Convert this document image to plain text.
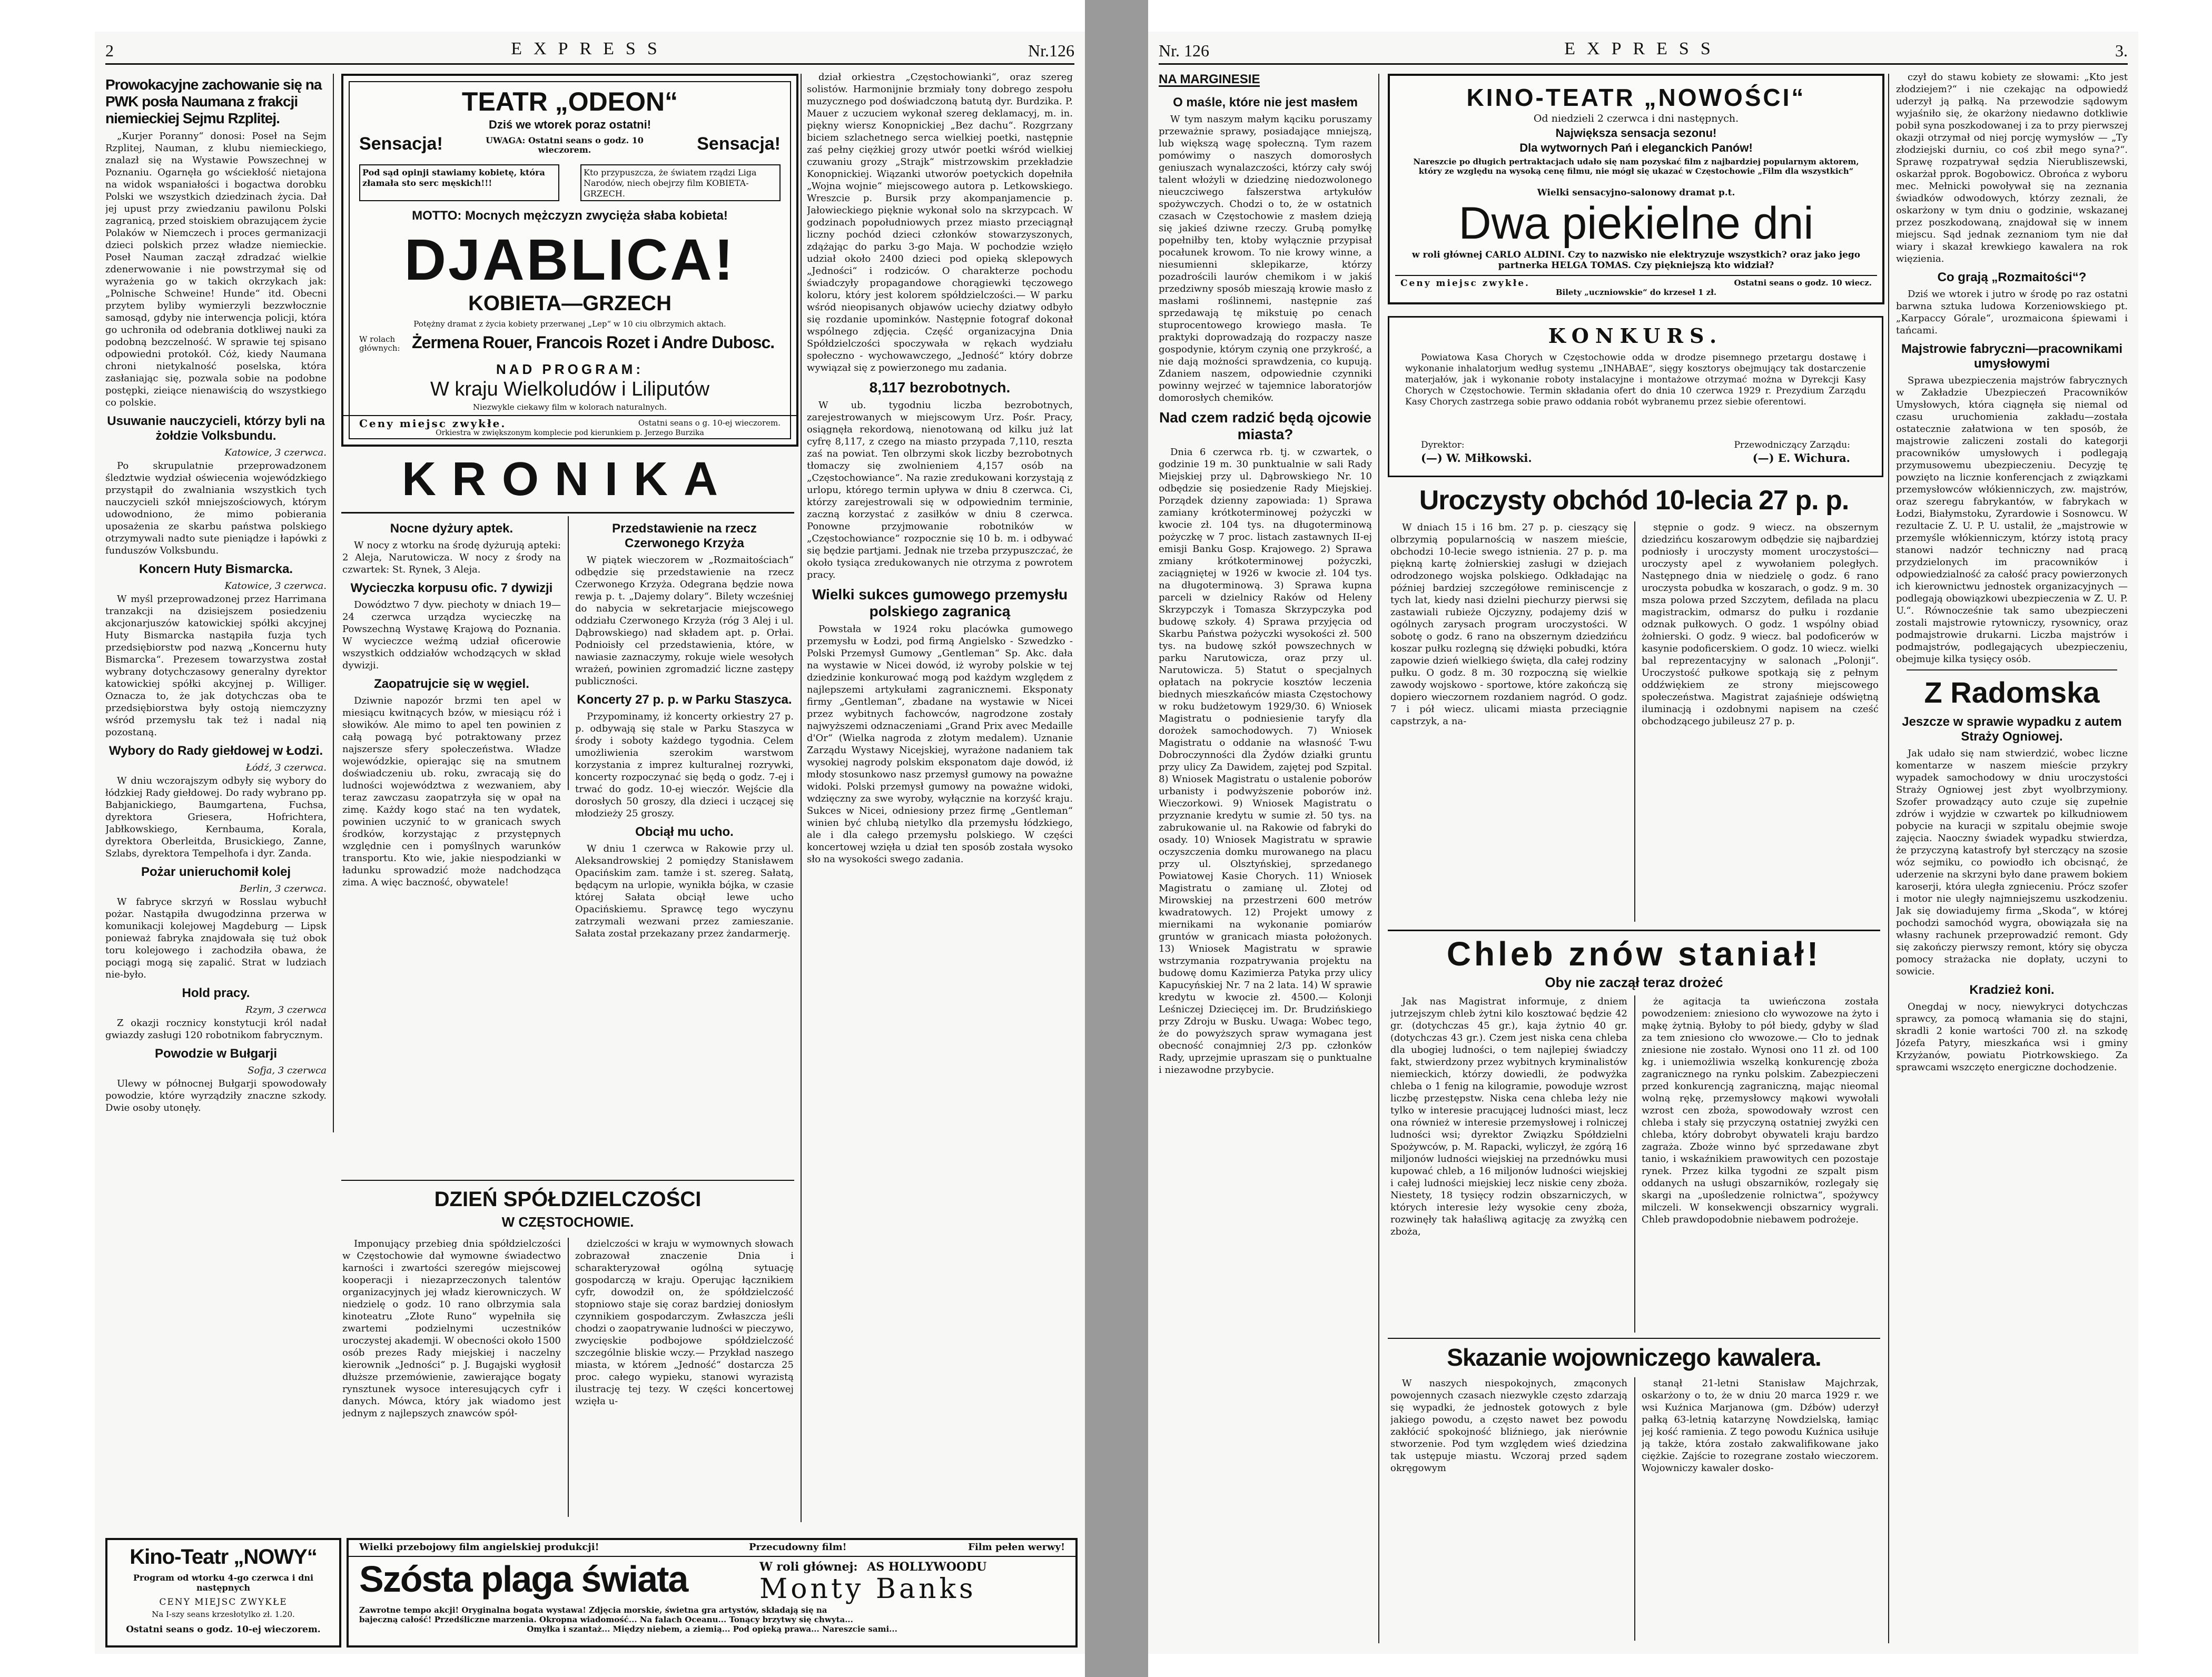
2	EXPRESS	Nr.126
Prowokacyjne zachowanie się na PWK posła Naumana z frakcji niemieckiej Sejmu Rzplitej.

„Kurjer Poranny“ donosi: Poseł na Sejm Rzplitej, Nauman, z klubu niemieckiego, znalazł się na Wystawie Powszechnej w Poznaniu. Ogarnęła go wściekłość nietajona na widok wspaniałości i bogactwa dorobku Polski we wszystkich dziedzinach życia. Dał jej upust przy zwiedzaniu pawilonu Polski zagranicą, przed stoiskiem obrazującem życie Polaków w Niemczech i proces germanizacji dzieci polskich przez władze niemieckie. Poseł Nauman zaczął zdradzać wielkie zdenerwowanie i nie powstrzymał się od wyrażenia go w takich okrzykach jak: „Polnische Schweine! Hunde“ itd. Obecni przytem byliby wymierzyli bezzwłocznie samosąd, gdyby nie interwencja policji, która go uchroniła od odebrania dotkliwej nauki za podobną bezczelność. W sprawie tej spisano odpowiedni protokół. Cóż, kiedy Naumana chroni nietykalność poselska, która zasłaniając się, pozwala sobie na podobne postępki, zieiące nienawiścią do wszystkiego co polskie.

Usuwanie nauczycieli, którzy byli na żołdzie Volksbundu.

Katowice, 3 czerwca.

Po skrupulatnie przeprowadzonem śledztwie wydział oświecenia wojewódzkiego przystąpił do zwalniania wszystkich tych nauczycieli szkół mniejszościowych, którym udowodniono, że mimo pobierania uposażenia ze skarbu państwa polskiego otrzymywali nadto sute pieniądze i łapówki z funduszów Volksbundu.

Koncern Huty Bismarcka.

Katowice, 3 czerwca.

W myśl przeprowadzonej przez Harrimana tranzakcji na dzisiejszem posiedzeniu akcjonarjuszów katowickiej spółki akcyjnej Huty Bismarcka nastąpiła fuzja tych przedsiębiorstw pod nazwą „Koncernu huty Bismarcka“. Prezesem towarzystwa został wybrany dotychczasowy generalny dyrektor katowickiej spółki akcyjnej p. Williger. Oznacza to, że jak dotychczas oba te przedsiębiorstwa były ostoją niemczyzny wśród przemysłu tak też i nadal nią pozostaną.

Wybory do Rady giełdowej w Łodzi.

Łódź, 3 czerwca.

W dniu wczorajszym odbyły się wybory do łódzkiej Rady giełdowej. Do rady wybrano pp. Babjanickiego, Baumgartena, Fuchsa, dyrektora Griesera, Hofrichtera, Jabłkowskiego, Kernbauma, Korala, dyrektora Oberleitda, Brusickiego, Zanne, Szlabs, dyrektora Tempelhofa i dyr. Zanda.

Pożar unieruchomił kolej

Berlin, 3 czerwca.

W fabryce skrzyń w Rosslau wybuchł pożar. Nastąpiła dwugodzinna przerwa w komunikacji kolejowej Magdeburg — Lipsk ponieważ fabryka znajdowała się tuż obok toru kolejowego i zachodziła obawa, że pociągi mogą się zapalić. Strat w ludziach nie-było.

Hold pracy.

Rzym, 3 czerwca

Z okazji rocznicy konstytucji król nadał gwiazdy zasługi 120 robotnikom fabrycznym.

Powodzie w Bułgarji

Sofja, 3 czerwca

Ulewy w północnej Bułgarji spowodowały powodzie, które wyrządziły znaczne szkody. Dwie osoby utonęły.

TEATR „ODEON“
Dziś we wtorek poraz ostatni!
Sensacja!	UWAGA: Ostatni seans o godz. 10 wieczorem.	Sensacja!
Pod sąd opinji stawiamy kobietę, która złamała sto serc męskich!!!
Kto przypuszcza, że światem rządzi Liga Narodów, niech obejrzy film KOBIETA-GRZECH.
MOTTO: Mocnych mężczyzn zwycięża słaba kobieta!
DJABLICA!
KOBIETA—GRZECH
Potężny dramat z życia kobiety przerwanej „Lep“ w 10 ciu olbrzymich aktach.
W rolach głównych: Żermena Rouer, Francois Rozet i Andre Dubosc.
NAD PROGRAM:
W kraju Wielkoludów i Liliputów
Niezwykle ciekawy film w kolorach naturalnych.
Ceny miejsc zwykłe.	Ostatni seans o g. 10-ej wieczorem.
Orkiestra w zwiększonym komplecie pod kierunkiem p. Jerzego Burzika
KRONIKA
Nocne dyżury aptek.

W nocy z wtorku na środę dyżurują apteki: 2 Aleja, Narutowicza. W nocy z środy na czwartek: St. Rynek, 3 Aleja.

Wycieczka korpusu ofic. 7 dywizji

Dowództwo 7 dyw. piechoty w dniach 19—24 czerwca urządza wycieczkę na Powszechną Wystawę Krajową do Poznania. W wycieczce weźmą udział oficerowie wszystkich oddziałów wchodzących w skład dywizji.

Zaopatrujcie się w węgiel.

Dziwnie napozór brzmi ten apel w miesiącu kwitnących bzów, w miesiącu róż i słowików. Ale mimo to apel ten powinien z całą powagą być potraktowany przez najszersze sfery społeczeństwa. Władze wojewódzkie, opierając się na smutnem doświadczeniu ub. roku, zwracają się do ludności województwa z wezwaniem, aby teraz zawczasu zaopatrzyła się w opał na zimę. Każdy kogo stać na ten wydatek, powinien uczynić to w granicach swych środków, korzystając z przystępnych względnie cen i pomyślnych warunków transportu. Kto wie, jakie niespodzianki w ładunku sprowadzić może nadchodząca zima. A więc baczność, obywatele!

Przedstawienie na rzecz Czerwonego Krzyża

W piątek wieczorem w „Rozmaitościach“ odbędzie się przedstawienie na rzecz Czerwonego Krzyża. Odegrana będzie nowa rewja p. t. „Dajemy dolary“. Bilety wcześniej do nabycia w sekretarjacie miejscowego oddziału Czerwonego Krzyża (róg 3 Alej i ul. Dąbrowskiego) nad składem apt. p. Orłai. Podnioisły cel przedstawienia, które, w nawiasie zaznaczymy, rokuje wiele wesołych wrażeń, powinien zgromadzić liczne zastępy publiczności.

Koncerty 27 p. p. w Parku Staszyca.

Przypominamy, iż koncerty orkiestry 27 p. p. odbywają się stale w Parku Staszyca w środy i soboty każdego tygodnia. Celem umożliwienia szerokim warstwom korzystania z imprez kulturalnej rozrywki, koncerty rozpoczynać się będą o godz. 7-ej i trwać do godz. 10-ej wieczór. Wejście dla dorosłych 50 groszy, dla dzieci i uczącej się młodzieży 25 groszy.

Obciął mu ucho.

W dniu 1 czerwca w Rakowie przy ul. Aleksandrowskiej 2 pomiędzy Stanisławem Opacińskim zam. tamże i st. szereg. Sałatą, będącym na urlopie, wynikła bójka, w czasie której Sałata obciął lewe ucho Opacińskiemu. Sprawcę tego wyczynu zatrzymali wezwani przez zamieszanie. Sałata został przekazany przez żandarmerję.

DZIEŃ SPÓŁDZIELCZOŚCI
W CZĘSTOCHOWIE.

Imponujący przebieg dnia spółdzielczości w Częstochowie dał wymowne świadectwo karności i zwartości szeregów miejscowej kooperacji i niezaprzeczonych talentów organizacyjnych jej władz kierowniczych. W niedzielę o godz. 10 rano olbrzymia sala kinoteatru „Złote Runo“ wypełniła się zwartemi podzielnymi uczestników uroczystej akademji. W obecności około 1500 osób prezes Rady miejskiej i naczelny kierownik „Jedności“ p. J. Bugajski wygłosił dłuższe przemówienie, zawierające bogaty rynsztunek wysoce interesujących cyfr i danych. Mówca, który jak wiadomo jest jednym z najlepszych znawców spół-

dzielczości w kraju w wymownych słowach zobrazował znaczenie Dnia i scharakteryzował ogólną sytuację gospodarczą w kraju. Operując łącznikiem cyfr, dowodził on, że spółdzielczość stopniowo staje się coraz bardziej doniosłym czynnikiem gospodarczym. Zwłaszcza jeśli chodzi o zaopatrywanie ludności w pieczywo, zwycięskie podbojowe spółdzielczość szczególnie bliskie wczy.— Przykład naszego miasta, w którem „Jedność“ dostarcza 25 proc. całego wypieku, stanowi wyrazistą ilustrację tej tezy. W części koncertowej wzięła u-

dział orkiestra „Częstochowianki“, oraz szereg solistów. Harmonijnie brzmiały tony dobrego zespołu muzycznego pod doświadczoną batutą dyr. Burdzika. P. Mauer z uczuciem wykonał szereg deklamacyj, m. in. piękny wiersz Konopnickiej „Bez dachu“. Rozgrzany biciem szlachetnego serca wielkiej poetki, następnie zaś pełny ciężkiej grozy utwór poetki wśród wielkiej czuwaniu grozy „Strajk“ mistrzowskim przekładzie Konopnickiej. Wiązanki utworów poetyckich dopełniła „Wojna wojnie“ miejscowego autora p. Letkowskiego. Wreszcie p. Bursik przy akompanjamencie p. Jałowieckiego pięknie wykonał solo na skrzypcach. W godzinach popołudniowych przez miasto przeciągnął liczny pochód dzieci członków stowarzyszonych, zdążając do parku 3-go Maja. W pochodzie wzięło udział około 2400 dzieci pod opieką sklepowych „Jedności“ i rodziców. O charakterze pochodu świadczyły propagandowe chorągiewki tęczowego koloru, który jest kolorem spółdzielczości.— W parku wśród nieopisanych objawów uciechy dziatwy odbyło się rozdanie upominków. Następnie fotograf dokonał wspólnego zdjęcia. Część organizacyjna Dnia Spółdzielczości spoczywała w rękach wydziału społeczno - wychowawczego, „Jedność“ który dobrze wywiązał się z powierzonego mu zadania.

8,117 bezrobotnych.

W ub. tygodniu liczba bezrobotnych, zarejestrowanych w miejscowym Urz. Pośr. Pracy, osiągnęła rekordową, nienotowaną od kilku już lat cyfrę 8,117, z czego na miasto przypada 7,110, reszta zaś na powiat. Ten olbrzymi skok liczby bezrobotnych tłomaczy się zwolnieniem 4,157 osób na „Częstochowiance“. Na razie zredukowani korzystają z urlopu, którego termin upływa w dniu 8 czerwca. Ci, którzy zarejestrowali się w odpowiednim terminie, zaczną korzystać z zasiłków w dniu 8 czerwca. Ponowne przyjmowanie robotników w „Częstochowiance“ rozpocznie się 10 b. m. i odbywać się będzie partjami. Jednak nie trzeba przypuszczać, że około tysiąca zredukowanych nie otrzyma z powrotem pracy.

Wielki sukces gumowego przemysłu polskiego zagranicą

Powstała w 1924 roku placówka gumowego przemysłu w Łodzi, pod firmą Angielsko - Szwedzko - Polski Przemysł Gumowy „Gentleman“ Sp. Akc. dała na wystawie w Nicei dowód, iż wyroby polskie w tej dziedzinie konkurować mogą pod każdym względem z najlepszemi artykułami zagranicznemi. Eksponaty firmy „Gentleman“, zbadane na wystawie w Nicei przez wybitnych fachowców, nagrodzone zostały najwyższemi odznaczeniami „Grand Prix avec Medaille d'Or“ (Wielka nagroda z złotym medalem). Uznanie Zarządu Wystawy Nicejskiej, wyrażone nadaniem tak wysokiej nagrody polskim eksponatom daje dowód, iż młody stosunkowo nasz przemysł gumowy na poważne widoki. Polski przemysł gumowy na poważne widoki, wdzięczny za swe wyroby, wyłącznie na korzyść kraju. Sukces w Nicei, odniesiony przez firmę „Gentleman“ winien być chlubą nietylko dla przemysłu łódzkiego, ale i dla całego przemysłu polskiego. W części koncertowej wzięła u dział ten sposób została wysoko sło na wysokości swego zadania.

Kino-Teatr „NOWY“
Program od wtorku 4-go czerwca i dni następnych
CENY MIEJSC ZWYKŁE
Na I-szy seans krzesłotylko zł. 1.20.
Ostatni seans o godz. 10-ej wieczorem.
Wielki przebojowy film angielskiej produkcji!	Przecudowny film!	Film pełen werwy!
Szósta plaga świata	W roli głównej: AS HOLLYWOODU
Monty Banks
Zawrotne tempo akcji! Oryginalna bogata wystawa! Zdjęcia morskie, świetna gra artystów, składają się na
bajeczną całość! Przedśliczne marzenia. Okropna wiadomość... Na falach Oceanu... Tonący brzytwy się chwyta...
Omyłka i szantaż... Między niebem, a ziemią... Pod opieką prawa... Nareszcie sami...
Nr. 126	EXPRESS	3.
NA MARGINESIE
O maśle, które nie jest masłem

W tym naszym małym kąciku poruszamy przeważnie sprawy, posiadające mniejszą, lub większą wagę społeczną. Tym razem pomówimy o naszych domorosłych geniuszach wynalazczości, którzy cały swój talent włożyli w dziedzinę niedozwolonego nieuczciwego fałszerstwa artykułów spożywczych. Chodzi o to, że w ostatnich czasach w Częstochowie z masłem dzieją się jakieś dziwne rzeczy. Grubą pomyłkę popełniłby ten, ktoby wyłącznie przypisał pocałunek krowom. To nie krowy winne, a niesumienni sklepikarze, którzy pozadrościli laurów chemikom i w jakiś przedziwny sposób mieszają krowie masło z masłami roślinnemi, następnie zaś sprzedawają tę mikstuię po cenach stuprocentowego krowiego masła. Te praktyki doprowadzają do rozpaczy nasze gospodynie, którym czynią one przykrość, a nie dają możności sprawdzenia, co kupują. Zdaniem naszem, odpowiednie czynniki powinny wejrzeć w tajemnice laboratorjów domorosłych chemików.

Nad czem radzić będą ojcowie miasta?

Dnia 6 czerwca rb. tj. w czwartek, o godzinie 19 m. 30 punktualnie w sali Rady Miejskiej przy ul. Dąbrowskiego Nr. 10 odbędzie się posiedzenie Rady Miejskiej. Porządek dzienny zapowiada: 1) Sprawa zamiany krótkoterminowej pożyczki w kwocie zł. 104 tys. na długoterminową pożyczkę w 7 proc. listach zastawnych II-ej emisji Banku Gosp. Krajowego. 2) Sprawa zmiany krótkoterminowej pożyczki, zaciągniętej w 1926 w kwocie zł. 104 tys. na długoterminową. 3) Sprawa kupna parceli w dzielnicy Raków od Heleny Skrzypczyk i Tomasza Skrzypczyka pod budowę szkoły. 4) Sprawa przyjęcia od Skarbu Państwa pożyczki wysokości zł. 500 tys. na budowę szkół powszechnych w parku Narutowicza, oraz przy ul. Narutowicza. 5) Statut o specjalnych opłatach na pokrycie kosztów leczenia biednych mieszkańców miasta Częstochowy w roku budżetowym 1929/30. 6) Wniosek Magistratu o podniesienie taryfy dla dorożek samochodowych. 7) Wniosek Magistratu o oddanie na własność T-wu Dobroczynności dla Żydów działki gruntu przy ulicy Za Dawidem, zajętej pod Szpital. 8) Wniosek Magistratu o ustalenie poborów urbanisty i podwyższenie poborów inż. Wieczorkowi. 9) Wniosek Magistratu o przyznanie kredytu w sumie zł. 50 tys. na zabrukowanie ul. na Rakowie od fabryki do osady. 10) Wniosek Magistratu w sprawie oczyszczenia domku murowanego na placu przy ul. Olsztyńskiej, sprzedanego Powiatowej Kasie Chorych. 11) Wniosek Magistratu o zamianę ul. Złotej od Mirowskiej na przestrzeni 600 metrów kwadratowych. 12) Projekt umowy z miernikami na wykonanie pomiarów gruntów w granicach miasta położonych. 13) Wniosek Magistratu w sprawie wstrzymania rozpatrywania projektu na budowę domu Kazimierza Patyka przy ulicy Kapucyńskiej Nr. 7 na 2 lata. 14) W sprawie kredytu w kwocie zł. 4500.— Kolonji Leśniczej Dziecięcej im. Dr. Brudzińskiego przy Zdroju w Busku. Uwaga: Wobec tego, że do powyższych spraw wymagana jest obecność conajmniej 2/3 pp. członków Rady, uprzejmie upraszam się o punktualne i niezawodne przybycie.

KINO-TEATR „NOWOŚCI“
Od niedzieli 2 czerwca i dni następnych.
Największa sensacja sezonu!
Dla wytwornych Pań i eleganckich Panów!
Nareszcie po długich pertraktacjach udało się nam pozyskać film z najbardziej popularnym aktorem, który ze względu na wysoką cenę filmu, nie mógł się ukazać w Częstochowie „Film dla wszystkich“
Wielki sensacyjno-salonowy dramat p.t.
Dwa piekielne dni
w roli głównej CARLO ALDINI. Czy to nazwisko nie elektryzuje wszystkich? oraz jako jego partnerka HELGA TOMAS. Czy piękniejszą kto widział?
Ceny miejsc zwykłe.	Ostatni seans o godz. 10 wiecz.
Bilety „uczniowskie“ do krzeseł 1 zł.
KONKURS.
Powiatowa Kasa Chorych w Częstochowie odda w drodze pisemnego przetargu dostawę i wykonanie inhalatorjum według systemu „INHABAE“, sięgy kosztorys obejmujący tak dostarczenie materjałów, jak i wykonanie roboty instalacyjne i montażowe otrzymać można w Dyrekcji Kasy Chorych w Częstochowie. Termin składania ofert do dnia 10 czerwca 1929 r. Prezydium Zarządu Kasy Chorych zastrzega sobie prawo oddania robót wybranemu przez siebie oferentowi.
Dyrektor:
(—) W. Miłkowski.
Przewodniczący Zarządu:
(—) E. Wichura.
Uroczysty obchód 10-lecia 27 p. p.

W dniach 15 i 16 bm. 27 p. p. cieszący się olbrzymią popularnością w naszem mieście, obchodzi 10-lecie swego istnienia. 27 p. p. ma piękną kartę żołnierskiej zasługi w dziejach odrodzonego wojska polskiego. Odkładając na później bardziej szczegółowe reminiscencje z tych lat, kiedy nasi dzielni piechurzy pierwsi się zastawiali rubieże Ojczyzny, podajemy dziś w ogólnych zarysach program uroczystości. W sobotę o godz. 6 rano na obszernym dziedzińcu koszar pułku rozlegną się dźwięki pobudki, która zapowie dzień wielkiego święta, dla całej rodziny pułku. O godz. 8 m. 30 rozpoczną się wielkie zawody wojskowo - sportowe, które zakończą się dopiero wieczornem rozdaniem nagród. O godz. 7 i pół wiecz. ulicami miasta przeciągnie capstrzyk, a na-

stępnie o godz. 9 wiecz. na obszernym dziedzińcu koszarowym odbędzie się najbardziej podniosły i uroczysty moment uroczystości—uroczysty apel z wywołaniem poległych. Następnego dnia w niedzielę o godz. 6 rano uroczysta pobudka w koszarach, o godz. 9 m. 30 msza polowa przed Szczytem, defilada na placu magistrackim, odmarsz do pułku i rozdanie odznak pułkowych. O godz. 1 wspólny obiad żołnierski. O godz. 9 wiecz. bal podoficerów w kasynie podoficerskiem. O godz. 10 wiecz. wielki bal reprezentacyjny w salonach „Polonji“. Uroczystość pułkowe spotkają się z pełnym oddźwiękiem ze strony miejscowego społeczeństwa. Magistrat zajaśnieje odświętną iluminacją i ozdobnymi napisem na cześć obchodzącego jubileusz 27 p. p.

Chleb znów staniał!
Oby nie zaczął teraz drożeć

Jak nas Magistrat informuje, z dniem jutrzejszym chleb żytni kilo kosztować będzie 42 gr. (dotychczas 45 gr.), kaja żytnio 40 gr. (dotychczas 43 gr.). Czem jest niska cena chleba dla ubogiej ludności, o tem najlepiej świadczy fakt, stwierdzony przez wybitnych kryminalistów niemieckich, którzy dowiedli, że podwyżka chleba o 1 fenig na kilogramie, powoduje wzrost liczbę przestępstw. Niska cena chleba leży nie tylko w interesie pracującej ludności miast, lecz ona również w interesie przemysłowej i rolniczej ludności wsi; dyrektor Związku Spółdzielni Spożywców, p. M. Rapacki, wyliczył, że zgórą 16 miljonów ludności wiejskiej na przednówku musi kupować chleb, a 16 miljonów ludności wiejskiej i całej ludności miejskiej lecz niskie ceny zboża. Niestety, 18 tysięcy rodzin obszarniczych, w których interesie leży wysokie ceny zboża, rozwinęły tak hałaśliwą agitację za zwyżką cen zboża,

że agitacja ta uwieńczona została powodzeniem: zniesiono cło wywozowe na żyto i mąkę żytnią. Byłoby to pół biedy, gdyby w ślad za tem zniesiono cło wwozowe.— Cło to jednak zniesione nie zostało. Wynosi ono 11 zł. od 100 kg. i uniemożliwia wszelką konkurencję zboża zagranicznego na rynku polskim. Zabezpieczeni przed konkurencją zagraniczną, mając nieomal wolną rękę, przemysłowcy mąkowi wywołali wzrost cen zboża, spowodowały wzrost cen chleba i stały się przyczyną ostatniej zwyżki cen chleba, który dobrobyt obywateli kraju bardzo zagraża. Zboże winno być sprzedawane zbyt tanio, i wskaźnikiem prawowitych cen pozostaje rynek. Przez kilka tygodni ze szpalt pism oddanych na usługi obszarników, rozlegały się skargi na „upośledzenie rolnictwa“, spożywcy milczeli. W konsekwencji obszarnicy wygrali. Chleb prawdopodobnie niebawem podrożeje.

Skazanie wojowniczego kawalera.

W naszych niespokojnych, zmąconych powojennych czasach niezwykle często zdarzają się wypadki, że jednostek gotowych z byle jakiego powodu, a często nawet bez powodu zakłócić spokojność bliźniego, jak nierównie stworzenie. Pod tym względem wieś dziedzina tak ustępuje miastu. Wczoraj przed sądem okręgowym

stanął 21-letni Stanisław Majchrzak, oskarżony o to, że w dniu 20 marca 1929 r. we wsi Kuźnica Marjanowa (gm. Dźbów) uderzył pałką 63-letnią katarzynę Nowdzielską, łamiąc jej kość ramienia. Z tego powodu Kuźnica usiłuje ją także, która zostało zakwalifikowane jako ciężkie. Zajście to rozegrane zostało wieczorem. Wojowniczy kawaler dosko-

czył do stawu kobiety ze słowami: „Kto jest złodziejem?“ i nie czekając na odpowiedź uderzył ją pałką. Na przewodzie sądowym wyjaśniło się, że okarżony niedawno dotkliwie pobił syna poszkodowanej i za to przy pierwszej okazji otrzymał od niej porcję wymysłów — „Ty złodziejski durniu, co coś zbił mego syna?“. Sprawę rozpatrywał sędzia Nierubliszewski, oskarżał pprok. Bogobowicz. Obrońca z wyboru mec. Mełnicki powoływał się na zeznania świadków odwodowych, którzy zeznali, że oskarżony w tym dniu o godzinie, wskazanej przez poszkodowaną, znajdował się w innem miejscu. Sąd jednak zeznaniom tym nie dał wiary i skazał krewkiego kawalera na rok więzienia.

Co grają „Rozmaitości“?

Dziś we wtorek i jutro w środę po raz ostatni barwna sztuka ludowa Korzeniowskiego pt. „Karpaccy Górale“, urozmaicona śpiewami i tańcami.

Majstrowie fabryczni—pracownikami umysłowymi

Sprawa ubezpieczenia majstrów fabrycznych w Zakładzie Ubezpieczeń Pracowników Umysłowych, która ciągnęła się niemal od czasu uruchomienia zakładu—została ostatecznie załatwiona w ten sposób, że majstrowie zaliczeni zostali do kategorji pracowników umysłowych i podlegają przymusowemu ubezpieczeniu. Decyzję tę powzięto na licznie konferencjach z związkami przemysłowców włókienniczych, zw. majstrów, oraz szeregu fabrykantów, w fabrykach w Łodzi, Białymstoku, Zyrardowie i Sosnowcu. W rezultacie Z. U. P. U. ustalił, że „majstrowie w przemyśle włókienniczym, którzy istotą pracy stanowi nadzór techniczny nad pracą przydzielonych im pracowników i odpowiedzialność za całość pracy powierzonych ich kierownictwu jednostek organizacyjnych — podlegają obowiązkowi ubezpieczenia w Z. U. P. U.“. Równocześnie tak samo ubezpieczeni zostali majstrowie rytowniczy, rysownicy, oraz podmajstrowie drukarni. Liczba majstrów i podmajstrów, podlegających ubezpieczeniu, obejmuje kilka tysięcy osób.

Z Radomska
Jeszcze w sprawie wypadku z autem Straży Ogniowej.

Jak udało się nam stwierdzić, wobec liczne komentarze w naszem mieście przykry wypadek samochodowy w dniu uroczystości Straży Ogniowej jest zbyt wyolbrzymiony. Szofer prowadzący auto czuje się zupełnie zdrów i wyjdzie w czwartek po kilkudniowem pobycie na kuracji w szpitalu obejmie swoje zajęcia. Naoczny świadek wypadku stwierdza, że przyczyną katastrofy był sterczący na szosie wóz sejmiku, co powiodło ich obcisnąć, że uderzenie na skrzyni było dane prawem bokiem karoserji, która uległa zgnieceniu. Prócz szofer i motor nie uległy najmniejszemu uszkodzeniu. Jak się dowiadujemy firma „Skoda“, w której pochodzi samochód wygra, obowiązała się na własny rachunek przeprowadzić remont. Gdy się zakończy pierwszy remont, który się obycza pomocy strażacka nie dopłaty, uczyni to sowicie.

Kradzież koni.

Onegdaj w nocy, niewykryci dotychczas sprawcy, za pomocą włamania się do stajni, skradli 2 konie wartości 700 zł. na szkodę Józefa Patyry, mieszkańca wsi i gminy Krzyżanów, powiatu Piotrkowskiego. Za sprawcami wszczęto energiczne dochodzenie.
